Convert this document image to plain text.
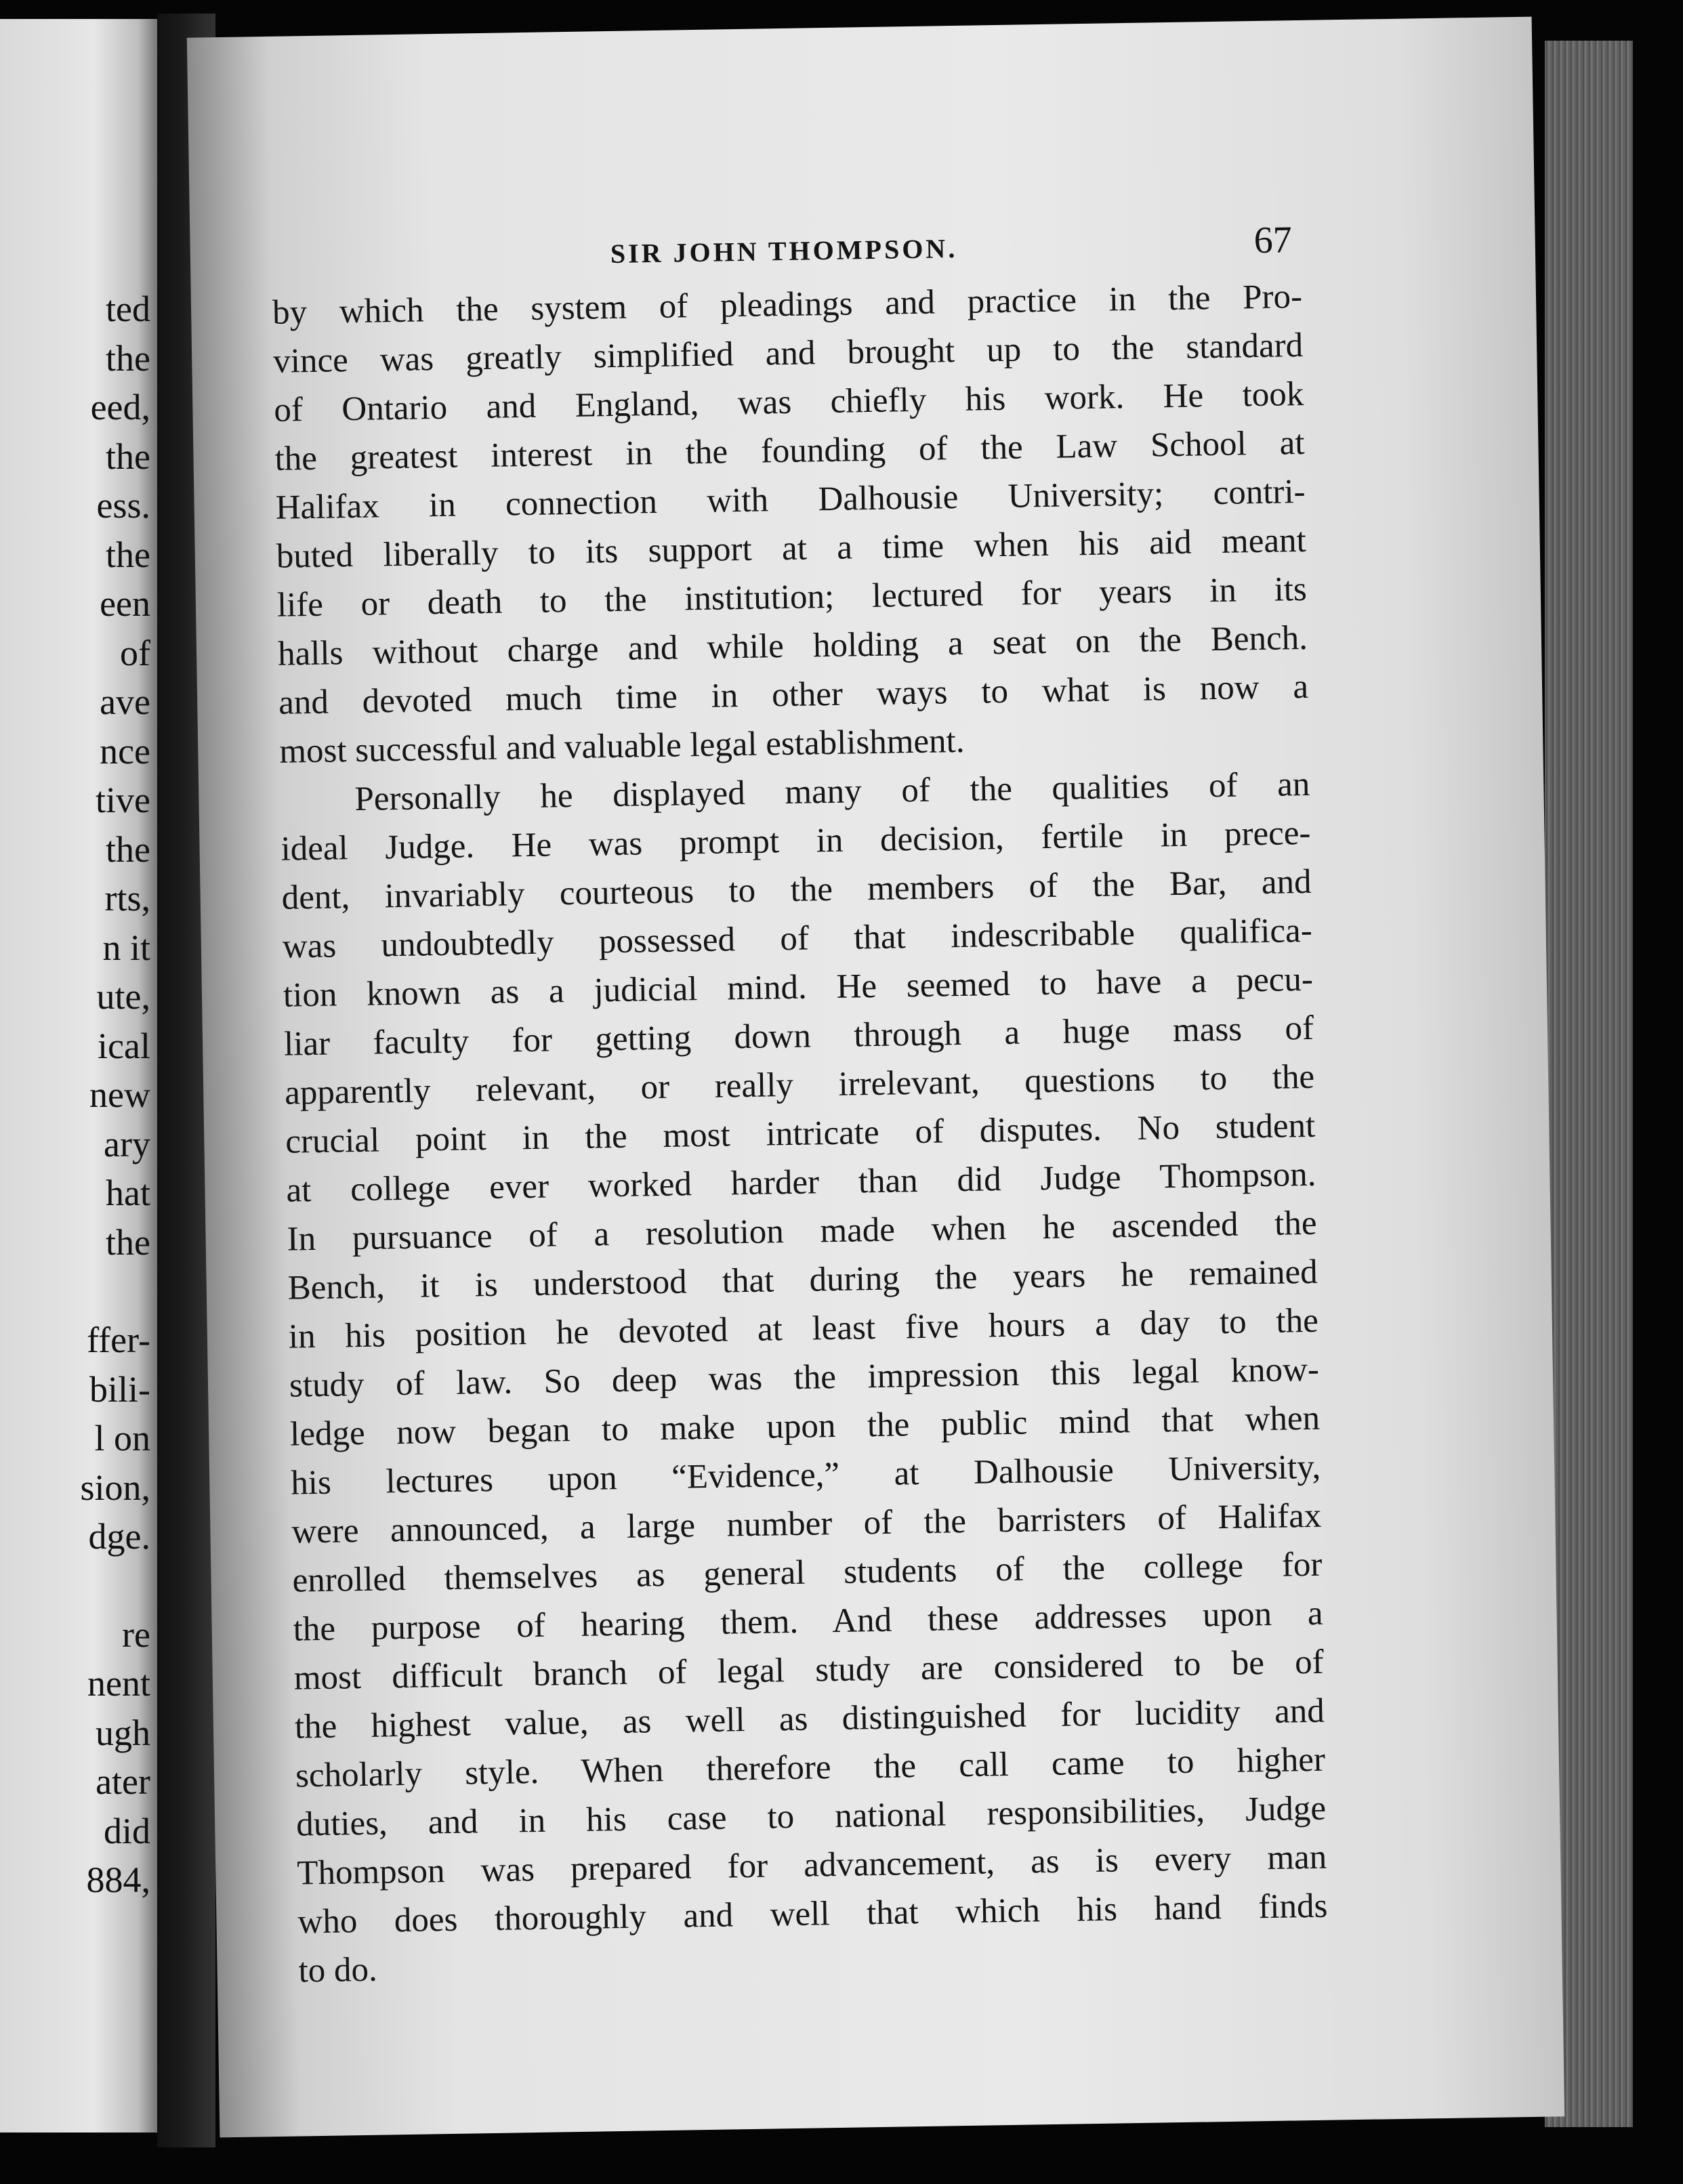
ted
the
eed,
the
ess.
the
een
of
ave
nce
tive
the
rts,
n it
ute,
ical
new
ary
hat
the
ffer-
bili-
l on
sion,
dge.
re
nent
ugh
ater
did
884,
SIR JOHN THOMPSON.	67
by which the system of pleadings and practice in the Pro-
vince was greatly simplified and brought up to the standard
of Ontario and England, was chiefly his work. He took
the greatest interest in the founding of the Law School at
Halifax in connection with Dalhousie University; contri-
buted liberally to its support at a time when his aid meant
life or death to the institution; lectured for years in its
halls without charge and while holding a seat on the Bench.
and devoted much time in other ways to what is now a
most successful and valuable legal establishment.
Personally he displayed many of the qualities of an
ideal Judge. He was prompt in decision, fertile in prece-
dent, invariably courteous to the members of the Bar, and
was undoubtedly possessed of that indescribable qualifica-
tion known as a judicial mind. He seemed to have a pecu-
liar faculty for getting down through a huge mass of
apparently relevant, or really irrelevant, questions to the
crucial point in the most intricate of disputes. No student
at college ever worked harder than did Judge Thompson.
In pursuance of a resolution made when he ascended the
Bench, it is understood that during the years he remained
in his position he devoted at least five hours a day to the
study of law. So deep was the impression this legal know-
ledge now began to make upon the public mind that when
his lectures upon “Evidence,” at Dalhousie University,
were announced, a large number of the barristers of Halifax
enrolled themselves as general students of the college for
the purpose of hearing them. And these addresses upon a
most difficult branch of legal study are considered to be of
the highest value, as well as distinguished for lucidity and
scholarly style. When therefore the call came to higher
duties, and in his case to national responsibilities, Judge
Thompson was prepared for advancement, as is every man
who does thoroughly and well that which his hand finds
to do.
